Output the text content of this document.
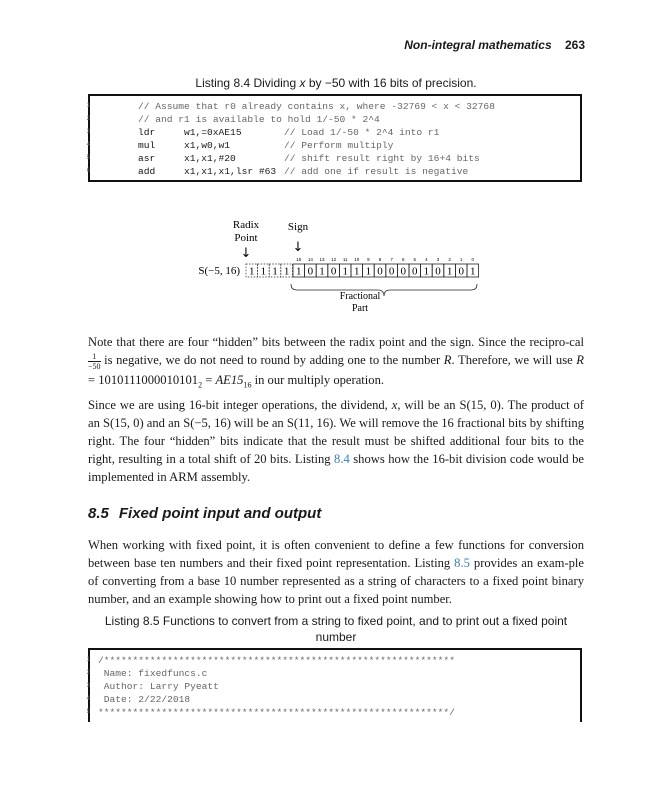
Non-integral mathematics 263
Listing 8.4 Dividing x by −50 with 16 bits of precision.
1	// Assume that r0 already contains x, where -32769 < x < 32768
2	// and r1 is available to hold 1/-50 * 2^4
3	ldr	w1,=0xAE15	// Load 1/-50 * 2^4 into r1
4	mul	x1,w0,w1	// Perform multiply
5	asr	x1,x1,#20	// shift result right by 16+4 bits
6	add	x1,x1,x1,lsr #63 // add one if result is negative
Radix
Point
Sign
↓	↓
S(−5, 16)
15 14 13 12 11 10 9 8 7 6 5 4 3 2 1 0
1 1 1 1 1 0 1 0 1 1 1 0 0 0 0 1 0 1 0 1
Fractional
Part

Note that there are four “hidden” bits between the radix point and the sign. Since the recipro-cal
$\frac{1}{-50}$ is negative, we do not need to round by adding one to the number R. Therefore, we will use $R = 1010111000010101_2 = AE15_{16}$ in our multiply operation.

Since we are using 16-bit integer operations, the dividend, x, will be an S(15, 0). The product of an S(15, 0) and an S(−5, 16) will be an S(11, 16). We will remove the 16 fractional bits by shifting right. The four “hidden” bits indicate that the result must be shifted additional four bits to the right, resulting in a total shift of 20 bits. Listing 8.4 shows how the 16-bit division code would be implemented in ARM assembly.

8.5 Fixed point input and output

When working with fixed point, it is often convenient to define a few functions for conversion between base ten numbers and their fixed point representation. Listing 8.5 provides an exam-ple of converting from a base 10 number represented as a string of characters to a fixed point binary number, and an example showing how to print out a fixed point number.

Listing 8.5 Functions to convert from a string to fixed point, and to print out a fixed point number
1 /*************************************************************
2 Name: fixedfuncs.c
3 Author: Larry Pyeatt
4 Date: 2/22/2018
5 *************************************************************/
